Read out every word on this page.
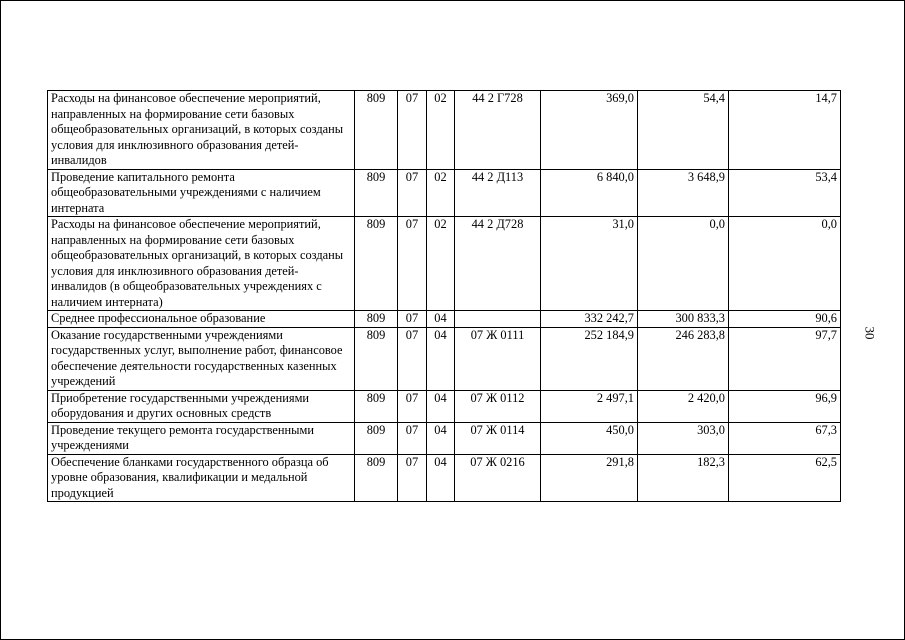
Расходы на финансовое обеспечение мероприятий, направленных на формирование сети базовых общеобразовательных организаций, в которых созданы условия для инклюзивного образования детей-инвалидов	809	07	02	44 2 Г728	369,0	54,4	14,7
Проведение капитального ремонта общеобразовательными учреждениями с наличием интерната	809	07	02	44 2 Д113	6 840,0	3 648,9	53,4
Расходы на финансовое обеспечение мероприятий, направленных на формирование сети базовых общеобразовательных организаций, в которых созданы условия для инклюзивного образования детей-инвалидов (в общеобразовательных учреждениях с наличием интерната)	809	07	02	44 2 Д728	31,0	0,0	0,0
Среднее профессиональное образование	809	07	04		332 242,7	300 833,3	90,6
Оказание государственными учреждениями государственных услуг, выполнение работ, финансовое обеспечение деятельности государственных казенных учреждений	809	07	04	07 Ж 0111	252 184,9	246 283,8	97,7
Приобретение государственными учреждениями оборудования и других основных средств	809	07	04	07 Ж 0112	2 497,1	2 420,0	96,9
Проведение текущего ремонта государственными учреждениями	809	07	04	07 Ж 0114	450,0	303,0	67,3
Обеспечение бланками государственного образца об уровне образования, квалификации и медальной продукцией	809	07	04	07 Ж 0216	291,8	182,3	62,5
30
